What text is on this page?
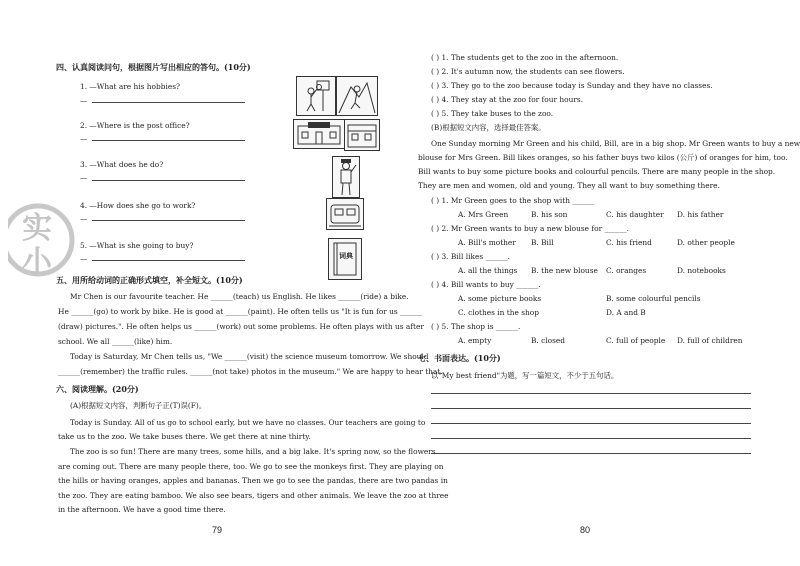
实
小
四、认真阅读问句，根据图片写出相应的答句。(10分)
1. —What are his hobbies?
—
2. —Where is the post office?
—
3. —What does he do?
—
4. —How does she go to work?
—
5. —What is she going to buy?
—	词典
五、用所给动词的正确形式填空，补全短文。(10分)
Mr Chen is our favourite teacher. He ______(teach) us English. He likes ______(ride) a bike.
He ______(go) to work by bike. He is good at ______(paint). He often tells us "It is fun for us ______
(draw) pictures.". He often helps us ______(work) out some problems. He often plays with us after
school. We all ______(like) him.
Today is Saturday, Mr Chen tells us, "We ______(visit) the science museum tomorrow. We should
______(remember) the traffic rules. ______(not take) photos in the museum." We are happy to hear that.
六、阅读理解。(20分)
(A)根据短文内容，判断句子正(T)误(F)。
Today is Sunday. All of us go to school early, but we have no classes. Our teachers are going to
take us to the zoo. We take buses there. We get there at nine thirty.
The zoo is so fun! There are many trees, some hills, and a big lake. It's spring now, so the flowers
are coming out. There are many people there, too. We go to see the monkeys first. They are playing on
the hills or having oranges, apples and bananas. Then we go to see the pandas, there are two pandas in
the zoo. They are eating bamboo. We also see bears, tigers and other animals. We leave the zoo at three
in the afternoon. We have a good time there.
79
( ) 1. The students get to the zoo in the afternoon.
( ) 2. It's autumn now, the students can see flowers.
( ) 3. They go to the zoo because today is Sunday and they have no classes.
( ) 4. They stay at the zoo for four hours.
( ) 5. They take buses to the zoo.
(B)根据短文内容，选择最佳答案。
One Sunday morning Mr Green and his child, Bill, are in a big shop. Mr Green wants to buy a new
blouse for Mrs Green. Bill likes oranges, so his father buys two kilos (公斤) of oranges for him, too.
Bill wants to buy some picture books and colourful pencils. There are many people in the shop.
They are men and women, old and young. They all want to buy something there.
( ) 1. Mr Green goes to the shop with ______
A. Mrs Green	B. his son	C. his daughter D. his father
( ) 2. Mr Green wants to buy a new blouse for ______.
A. Bill's mother B. Bill	C. his friend	D. other people
( ) 3. Bill likes ______.
A. all the things B. the new blouse C. oranges	D. notebooks
( ) 4. Bill wants to buy ______.
A. some picture books	B. some colourful pencils
C. clothes in the shop	D. A and B
( ) 5. The shop is ______.
A. empty	B. closed	C. full of people D. full of children
七、书面表达。(10分)
以"My best friend"为题，写一篇短文，不少于五句话。
80
